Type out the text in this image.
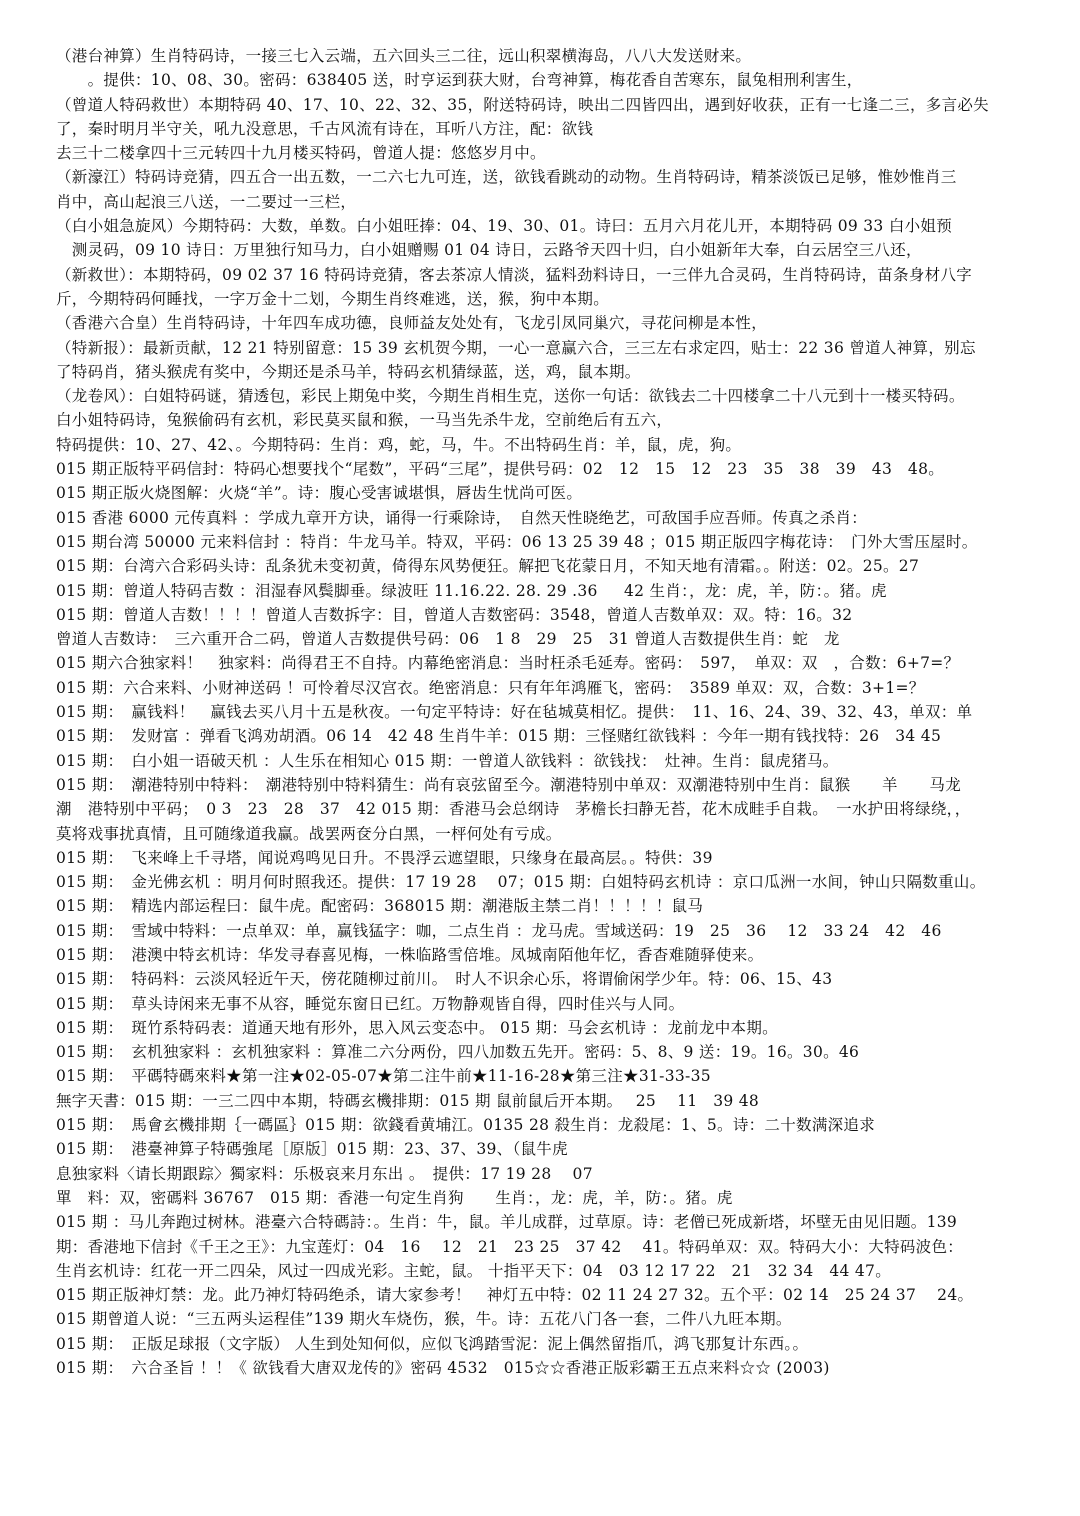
（港台神算）生肖特码诗，一接三七入云端，五六回头三二往，远山积翠横海岛，八八大发送财来。
　　。提供：10、08、30。密码：638405 送，时亨运到获大财，台弯神算，梅花香自苦寒东，鼠兔相刑利害生，
（曾道人特码救世）本期特码 40、17、10、22、32、35，附送特码诗，映出二四皆四出，遇到好收获，正有一七逢二三，多言必失
了，秦时明月半守关，吼九没意思，千古风流有诗在，耳听八方注，配：欲钱
去三十二楼拿四十三元转四十九月楼买特码，曾道人提：悠悠岁月中。
（新濠江）特码诗竞猜，四五合一出五数，一二六七九可连，送，欲钱看跳动的动物。生肖特码诗，精茶淡饭已足够，惟妙惟肖三
肖中，高山起浪三八送，一二要过一三栏，
（白小姐急旋风）今期特码：大数，单数。白小姐旺捧：04、19、30、01。诗曰：五月六月花儿开，本期特码 09 33 白小姐预
　测灵码，09 10 诗日：万里独行知马力，白小姐赠赐 01 04 诗日，云路爷天四十归，白小姐新年大奉，白云居空三八还，
（新救世）：本期特码，09 02 37 16 特码诗竞猜，客去茶凉人情淡，猛料劲料诗日，一三伴九合灵码，生肖特码诗，苗条身材八字
斤，今期特码何睡找，一字万金十二划，今期生肖终难逃，送，猴，狗中本期。
（香港六合皇）生肖特码诗，十年四车成功德，良师益友处处有，飞龙引凤同巢穴，寻花问柳是本性，
（特新报）：最新贡献，12 21 特别留意：15 39 玄机贺今期，一心一意赢六合，三三左右求定四，贴士：22 36 曾道人神算，别忘
了特码肖，猪头猴虎有奖中，今期还是杀马羊，特码玄机猜绿蓝，送，鸡，鼠本期。
（龙卷风）：白姐特码谜，猜透包，彩民上期兔中奖，今期生肖相生克，送你一句话：欲钱去二十四楼拿二十八元到十一楼买特码。
白小姐特码诗，兔猴偷码有玄机，彩民莫买鼠和猴，一马当先杀牛龙，空前绝后有五六，
特码提供：10、27、42、。今期特码：生肖：鸡，蛇，马，牛。不出特码生肖：羊，鼠，虎，狗。
015 期正版特平码信封：特码心想要找个“尾数”，平码“三尾”，提供号码：02　12　15　12　23　35　38　39　43　48。
015 期正版火烧图解：火烧“羊”。诗：腹心受害诚堪惧，唇齿生忧尚可医。
015 香港 6000 元传真料 ：学成九章开方诀，诵得一行乘除诗，　自然天性晓绝艺，可敌国手应吾师。传真之杀肖：
015 期台湾 50000 元来料信封 ：特肖：牛龙马羊。特双，平码：06 13 25 39 48 ；015 期正版四字梅花诗：　门外大雪压屋时。
015 期：台湾六合彩码头诗：乱条犹未变初黄，倚得东风势便狂。解把飞花蒙日月，不知天地有清霜。。附送：02。25。27
015 期：曾道人特码吉数 ：泪湿春风鬓脚垂。绿波旺 11.16.22. 28. 29 .36 　 42 生肖：，龙：虎，羊，防：。猪。虎
015 期：曾道人吉数！！！！曾道人吉数拆字：目，曾道人吉数密码：3548，曾道人吉数单双：双。特：16。32
曾道人吉数诗：　三六重开合二码，曾道人吉数提供号码：06　1 8　29　25　31 曾道人吉数提供生肖：蛇　龙
015 期六合独家料！　独家料：尚得君王不自持。内幕绝密消息：当时枉杀毛延寿。密码：　597，　单双：双　，合数：6+7=？
015 期：六合来料、小财神送码 ！可怜着尽汉宫衣。绝密消息：只有年年鸿雁飞，密码：　3589 单双：双，合数：3+1=？
015 期：　赢钱料！　赢钱去买八月十五是秋夜。一句定平特诗：好在毡城莫相忆。提供：　11、16、24、39、32、43，单双：单
015 期：　发财富 ：弹看飞鸿劝胡酒。06 14　42 48 生肖牛羊：015 期：三怪赌红欲钱料 ：今年一期有钱找特：26　34 45
015 期：　白小姐一语破天机 ：人生乐在相知心 015 期：一曾道人欲钱料 ：欲钱找：　灶神。生肖：鼠虎猪马。
015 期：　潮港特别中特料：　潮港特别中特料猜生：尚有哀弦留至今。潮港特别中单双：双潮港特别中生肖：鼠猴　　羊　　马龙
潮　港特别中平码；　0 3　23　28　37　42 015 期：香港马会总纲诗　茅檐长扫静无苔，花木成畦手自栽。　一水护田将绿绕，，
莫将戏事扰真情，且可随缘道我赢。战罢两奁分白黑，一枰何处有亏成。
015 期：　飞来峰上千寻塔，闻说鸡鸣见日升。不畏浮云遮望眼，只缘身在最高层。。特供：39
015 期：　金光佛玄机 ：明月何时照我还。提供：17 19 28　 07；015 期：白姐特码玄机诗 ：京口瓜洲一水间，钟山只隔数重山。
015 期：　精选内部运程曰：鼠牛虎。配密码：368015 期：潮港版主禁二肖！！！！！鼠马
015 期：　雪域中特料：一点单双：单，赢钱猛字：咖，二点生肖 ：龙马虎。雪域送码：19　25　36　 12　33 24　42　46
015 期：　港澳中特玄机诗：华发寻春喜见梅，一株临路雪倍堆。凤城南陌他年忆，香杳难随驿使来。
015 期：　特码料：云淡风轻近午天，傍花随柳过前川。　时人不识余心乐，将谓偷闲学少年。特：06、15、43
015 期：　草头诗闲来无事不从容，睡觉东窗日已红。万物静观皆自得，四时佳兴与人同。
015 期：　斑竹系特码表：道通天地有形外，思入风云变态中。 015 期：马会玄机诗 ：龙前龙中本期。
015 期：　玄机独家料 ：玄机独家料 ：算准二六分两份，四八加数五先开。密码：5、8、9 送：19。16。30。46
015 期：　平碼特碼來料★第一注★02-05-07★第二注牛前★11-16-28★第三注★31-33-35
無字天書：015 期：一三二四中本期，特碼玄機排期：015 期 鼠前鼠后开本期。　 25　 11　39 48
015 期：　馬會玄機排期｛一碼區｝015 期：欲錢看黄埔江。0135 28 殺生肖：龙殺尾：1、5。诗：二十数满深追求
015 期：　港臺神算子特碼強尾［原版］015 期：23、37、39、（鼠牛虎
息独家料〈请长期跟踪〉獨家料：乐极哀来月东出 。　提供：17 19 28　 07
單　料：双，密碼料 36767　015 期：香港一句定生肖狗　　生肖：，龙：虎，羊，防：。猪。虎
015 期 ：马儿奔跑过树林。港臺六合特碼詩：。生肖：牛，鼠。羊儿成群，过草原。诗：老僧已死成新塔，坏壁无由见旧题。139
期：香港地下信封《千王之王》：九宝莲灯：04　16　 12　21　23 25　37 42　 41。特码单双：双。特码大小：大特码波色：
生肖玄机诗：红花一开二四朵，风过一四成光彩。主蛇，鼠。 十指平天下：04　03 12 17 22　21　32 34　44 47。
015 期正版神灯禁：龙。此乃神灯特码绝杀，请大家参考！　神灯五中特：02 11 24 27 32。五个平：02 14　25 24 37　 24。
015 期曾道人说：“三五两头运程佳”139 期火车烧伤，猴，牛。诗：五花八门各一套，二件八九旺本期。
015 期：　正版足球报（文字版） 人生到处知何似，应似飞鸿踏雪泥：泥上偶然留指爪，鸿飞那复计东西。。
015 期：　六合圣旨 ！！《 欲钱看大唐双龙传的》密码 4532　015☆☆香港正版彩霸王五点来料☆☆ (2003)
